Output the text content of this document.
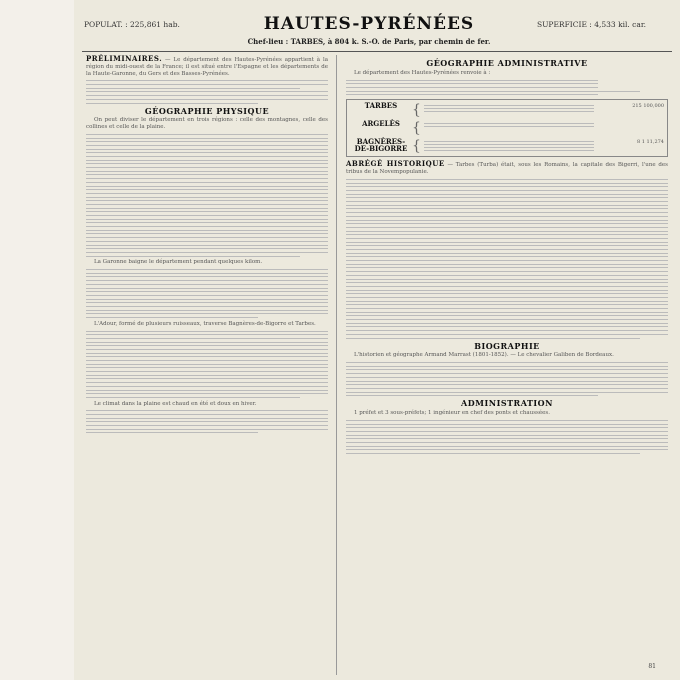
POPULAT. : 225,861 hab.	HAUTES-PYRÉNÉES	SUPERFICIE : 4,533 kil. car.
Chef-lieu : TARBES, à 804 k. S.-O. de Paris, par chemin de fer.
PRÉLIMINAIRES. — Le département des Hautes-Pyrénées appartient à la région du midi-ouest de la France; il est situé entre l'Espagne et les départements de la Haute-Garonne, du Gers et des Basses-Pyrénées.
GÉOGRAPHIE PHYSIQUE
On peut diviser le département en trois régions : celle des montagnes, celle des collines et celle de la plaine.
La Garonne baigne le département pendant quelques kilom.
L'Adour, formé de plusieurs ruisseaux, traverse Bagnères-de-Bigorre et Tarbes.
Le climat dans la plaine est chaud en été et doux en hiver.
GÉOGRAPHIE ADMINISTRATIVE
Le département des Hautes-Pyrénées renvoie à :
TARBES	{	215 100,000
ARGELÈS {
BAGNÈRES-DE-BIGORRE {	8 1 11,274
ABRÉGÉ HISTORIQUE — Tarbes (Turba) était, sous les Romains, la capitale des Bigerri, l'une des tribus de la Novempopulanie.
BIOGRAPHIE
L'historien et géographe Armand Marrast (1801-1852). — Le chevalier Galiben de Bordeaux.
ADMINISTRATION
1 préfet et 3 sous-préfets; 1 ingénieur en chef des ponts et chaussées.
81
